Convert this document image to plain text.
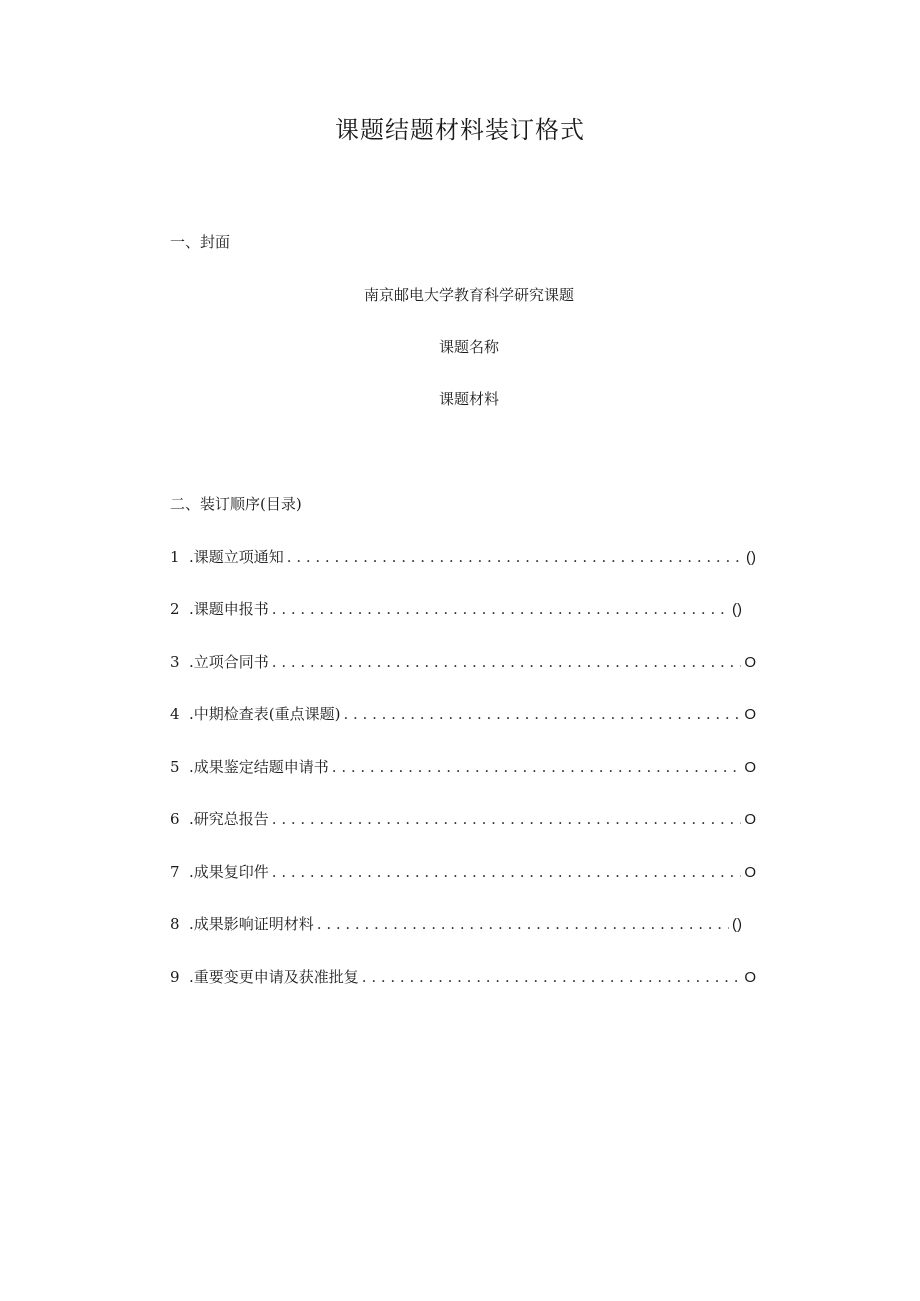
课题结题材料装订格式
一、封面
南京邮电大学教育科学研究课题
课题名称
课题材料
二、装订顺序(目录)
1 .课题立项通知 . . .	()
2 .课题申报书 . . .	()
3 .立项合同书 . . .	O
4 .中期检查表(重点课题) . . .	O
5 .成果鉴定结题申请书 . . .	O
6 .研究总报告 . . .	O
7 .成果复印件 . . .	O
8 .成果影响证明材料 . . .	()
9 .重要变更申请及获准批复 . . .	O
